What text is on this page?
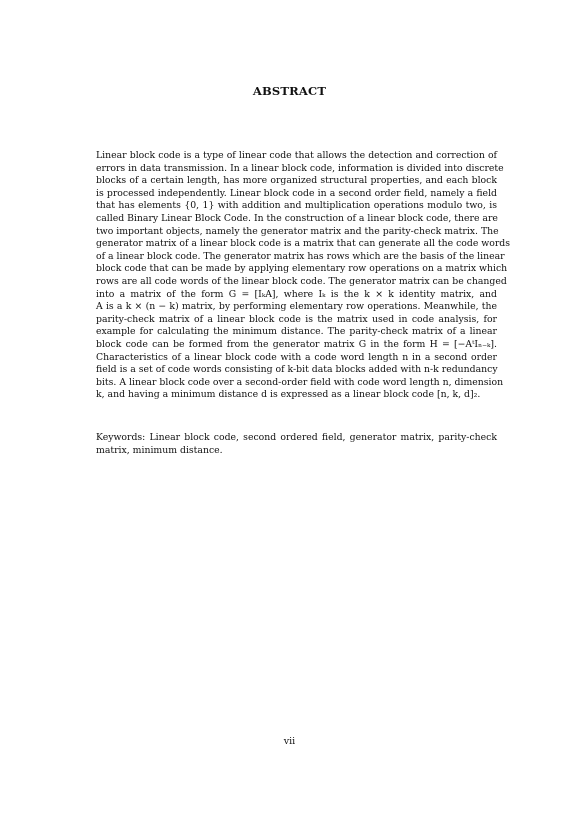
ABSTRACT
Linear block code is a type of linear code that allows the detection and correction of
errors in data transmission. In a linear block code, information is divided into discrete
blocks of a certain length, has more organized structural properties, and each block
is processed independently. Linear block code in a second order field, namely a field
that has elements {0, 1} with addition and multiplication operations modulo two, is
called Binary Linear Block Code. In the construction of a linear block code, there are
two important objects, namely the generator matrix and the parity-check matrix. The
generator matrix of a linear block code is a matrix that can generate all the code words
of a linear block code. The generator matrix has rows which are the basis of the linear
block code that can be made by applying elementary row operations on a matrix which
rows are all code words of the linear block code. The generator matrix can be changed
into a matrix of the form G = [IₖA], where Iₖ is the k × k identity matrix, and
A is a k × (n − k) matrix, by performing elementary row operations. Meanwhile, the
parity-check matrix of a linear block code is the matrix used in code analysis, for
example for calculating the minimum distance. The parity-check matrix of a linear
block code can be formed from the generator matrix G in the form H = [−AᵗIₙ₋ₖ].
Characteristics of a linear block code with a code word length n in a second order
field is a set of code words consisting of k-bit data blocks added with n-k redundancy
bits. A linear block code over a second-order field with code word length n, dimension
k, and having a minimum distance d is expressed as a linear block code [n, k, d]₂.
Keywords: Linear block code, second ordered field, generator matrix, parity-check
matrix, minimum distance.
vii
